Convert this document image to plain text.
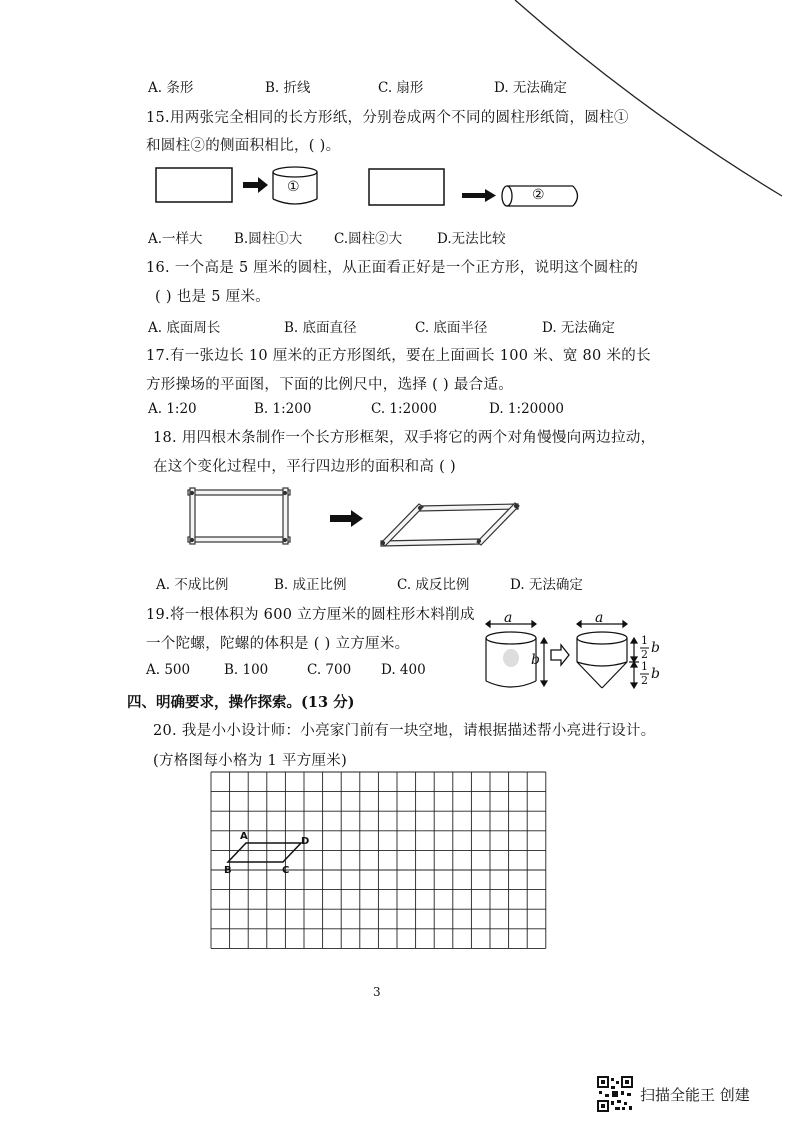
A. 条形	B. 折线	C. 扇形	D. 无法确定
15.用两张完全相同的长方形纸，分别卷成两个不同的圆柱形纸筒，圆柱①
和圆柱②的侧面积相比，( )。
①	②
A.一样大 B.圆柱①大 C.圆柱②大	D.无法比较
16. 一个高是 5 厘米的圆柱，从正面看正好是一个正方形，说明这个圆柱的
( ) 也是 5 厘米。
A. 底面周长	B. 底面直径	C. 底面半径	D. 无法确定
17.有一张边长 10 厘米的正方形图纸，要在上面画长 100 米、宽 80 米的长
方形操场的平面图，下面的比例尺中，选择 ( ) 最合适。
A. 1:20	B. 1:200	C. 1:2000	D. 1:20000
18. 用四根木条制作一个长方形框架，双手将它的两个对角慢慢向两边拉动，
在这个变化过程中，平行四边形的面积和高 ( )
A. 不成比例	B. 成正比例	C. 成反比例	D. 无法确定
19.将一根体积为 600 立方厘米的圆柱形木料削成
一个陀螺，陀螺的体积是 ( ) 立方厘米。
A. 500	B. 100	C. 700 D. 400
a	a
b
1
2 b
1
2 b
四、明确要求，操作探索。(13 分)
20. 我是小小设计师：小亮家门前有一块空地，请根据描述帮小亮进行设计。
(方格图每小格为 1 平方厘米)
A	D
B	C
3
扫描全能王 创建
